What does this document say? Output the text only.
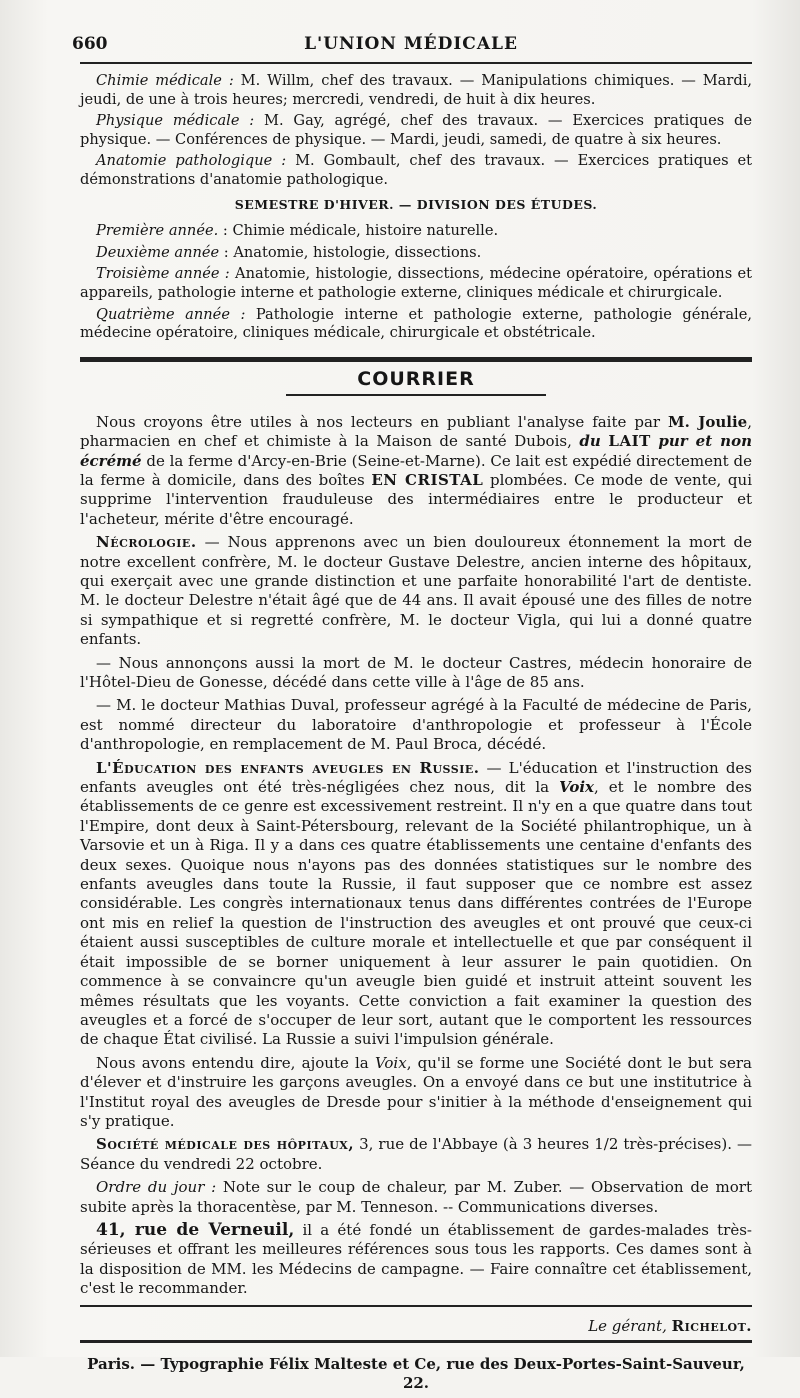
660	L'UNION MÉDICALE

Chimie médicale : M. Willm, chef des travaux. — Manipulations chimiques. — Mardi, jeudi, de une à trois heures; mercredi, vendredi, de huit à dix heures.

Physique médicale : M. Gay, agrégé, chef des travaux. — Exercices pratiques de physique. — Conférences de physique. — Mardi, jeudi, samedi, de quatre à six heures.

Anatomie pathologique : M. Gombault, chef des travaux. — Exercices pratiques et démonstrations d'anatomie pathologique.

SEMESTRE D'HIVER. — DIVISION DES ÉTUDES.

Première année. : Chimie médicale, histoire naturelle.

Deuxième année : Anatomie, histologie, dissections.

Troisième année : Anatomie, histologie, dissections, médecine opératoire, opérations et appareils, pathologie interne et pathologie externe, cliniques médicale et chirurgicale.

Quatrième année : Pathologie interne et pathologie externe, pathologie générale, médecine opératoire, cliniques médicale, chirurgicale et obstétricale.

COURRIER

Nous croyons être utiles à nos lecteurs en publiant l'analyse faite par M. Joulie, pharmacien en chef et chimiste à la Maison de santé Dubois, du LAIT pur et non écrémé de la ferme d'Arcy-en-Brie (Seine-et-Marne). Ce lait est expédié directement de la ferme à domicile, dans des boîtes EN CRISTAL plombées. Ce mode de vente, qui supprime l'intervention frauduleuse des intermédiaires entre le producteur et l'acheteur, mérite d'être encouragé.

Nécrologie. — Nous apprenons avec un bien douloureux étonnement la mort de notre excellent confrère, M. le docteur Gustave Delestre, ancien interne des hôpitaux, qui exerçait avec une grande distinction et une parfaite honorabilité l'art de dentiste. M. le docteur Delestre n'était âgé que de 44 ans. Il avait épousé une des filles de notre si sympathique et si regretté confrère, M. le docteur Vigla, qui lui a donné quatre enfants.

— Nous annonçons aussi la mort de M. le docteur Castres, médecin honoraire de l'Hôtel-Dieu de Gonesse, décédé dans cette ville à l'âge de 85 ans.

— M. le docteur Mathias Duval, professeur agrégé à la Faculté de médecine de Paris, est nommé directeur du laboratoire d'anthropologie et professeur à l'École d'anthropologie, en remplacement de M. Paul Broca, décédé.

L'Éducation des enfants aveugles en Russie. — L'éducation et l'instruction des enfants aveugles ont été très-négligées chez nous, dit la Voix, et le nombre des établissements de ce genre est excessivement restreint. Il n'y en a que quatre dans tout l'Empire, dont deux à Saint-Pétersbourg, relevant de la Société philantrophique, un à Varsovie et un à Riga. Il y a dans ces quatre établissements une centaine d'enfants des deux sexes. Quoique nous n'ayons pas des données statistiques sur le nombre des enfants aveugles dans toute la Russie, il faut supposer que ce nombre est assez considérable. Les congrès internationaux tenus dans différentes contrées de l'Europe ont mis en relief la question de l'instruction des aveugles et ont prouvé que ceux-ci étaient aussi susceptibles de culture morale et intellectuelle et que par conséquent il était impossible de se borner uniquement à leur assurer le pain quotidien. On commence à se convaincre qu'un aveugle bien guidé et instruit atteint souvent les mêmes résultats que les voyants. Cette conviction a fait examiner la question des aveugles et a forcé de s'occuper de leur sort, autant que le comportent les ressources de chaque État civilisé. La Russie a suivi l'impulsion générale.

Nous avons entendu dire, ajoute la Voix, qu'il se forme une Société dont le but sera d'élever et d'instruire les garçons aveugles. On a envoyé dans ce but une institutrice à l'Institut royal des aveugles de Dresde pour s'initier à la méthode d'enseignement qui s'y pratique.

Société médicale des hôpitaux, 3, rue de l'Abbaye (à 3 heures 1/2 très-précises). — Séance du vendredi 22 octobre.

Ordre du jour : Note sur le coup de chaleur, par M. Zuber. — Observation de mort subite après la thoracentèse, par M. Tenneson. -- Communications diverses.

41, rue de Verneuil, il a été fondé un établissement de gardes-malades très-sérieuses et offrant les meilleures références sous tous les rapports. Ces dames sont à la disposition de MM. les Médecins de campagne. — Faire connaître cet établissement, c'est le recommander.

Le gérant, Richelot.

Paris. — Typographie Félix Malteste et Ce, rue des Deux-Portes-Saint-Sauveur, 22.
